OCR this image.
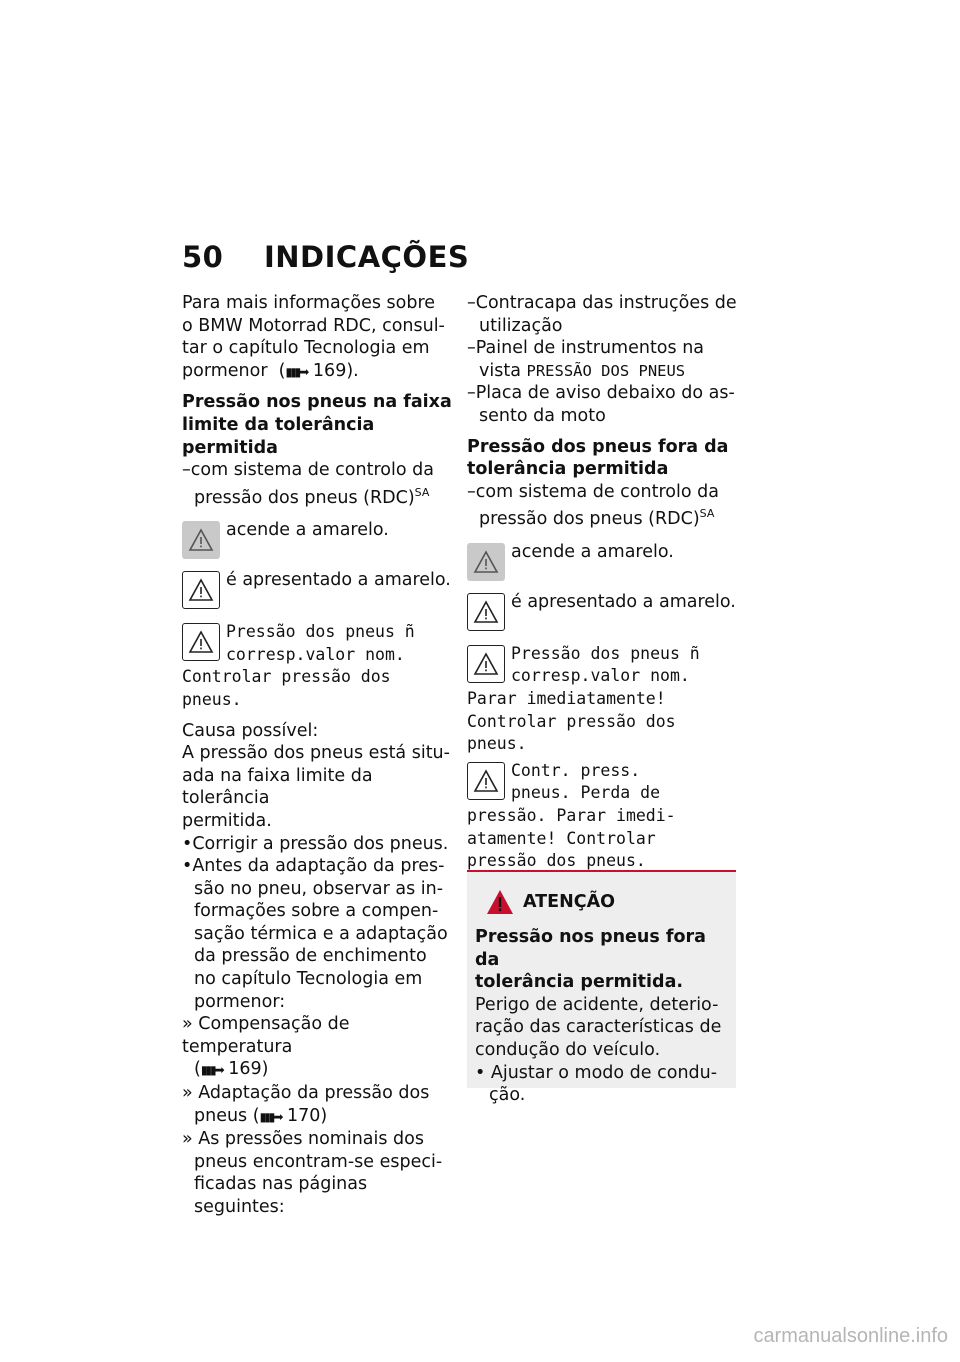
50 INDICAÇÕES

Para mais informações sobre

o BMW Motorrad RDC, consul-

tar o capítulo Tecnologia em

pormenor  (▮▮▮➡ 169).

Pressão nos pneus na faixa

limite da tolerância permitida

–com sistema de controlo da

pressão dos pneus (RDC)$^{SA}$

acende a amarelo.
é apresentado a amarelo.
Pressão dos pneus ñ
corresp.valor nom.
Controlar pressão dos
pneus.

Causa possível:

A pressão dos pneus está situ-

ada na faixa limite da tolerância

permitida.

•Corrigir a pressão dos pneus.

•Antes da adaptação da pres-

são no pneu, observar as in-

formações sobre a compen-

sação térmica e a adaptação

da pressão de enchimento

no capítulo Tecnologia em

pormenor:

» Compensação de temperatura

(▮▮▮➡ 169)

» Adaptação da pressão dos

pneus (▮▮▮➡ 170)

» As pressões nominais dos

pneus encontram-se especi-

ficadas nas páginas seguintes:

–Contracapa das instruções de

utilização

–Painel de instrumentos na

vista PRESSÃO DOS PNEUS

–Placa de aviso debaixo do as-

sento da moto

Pressão dos pneus fora da

tolerância permitida

–com sistema de controlo da

pressão dos pneus (RDC)$^{SA}$

acende a amarelo.
é apresentado a amarelo.
Pressão dos pneus ñ
corresp.valor nom.
Parar imediatamente!
Controlar pressão dos
pneus.
Contr. press.
pneus. Perda de
pressão. Parar imedi-
atamente! Controlar
pressão dos pneus.
ATENÇÃO

Pressão nos pneus fora da

tolerância permitida.

Perigo de acidente, deterio-

ração das características de

condução do veículo.

• Ajustar o modo de condu-

ção.

carmanualsonline.info
